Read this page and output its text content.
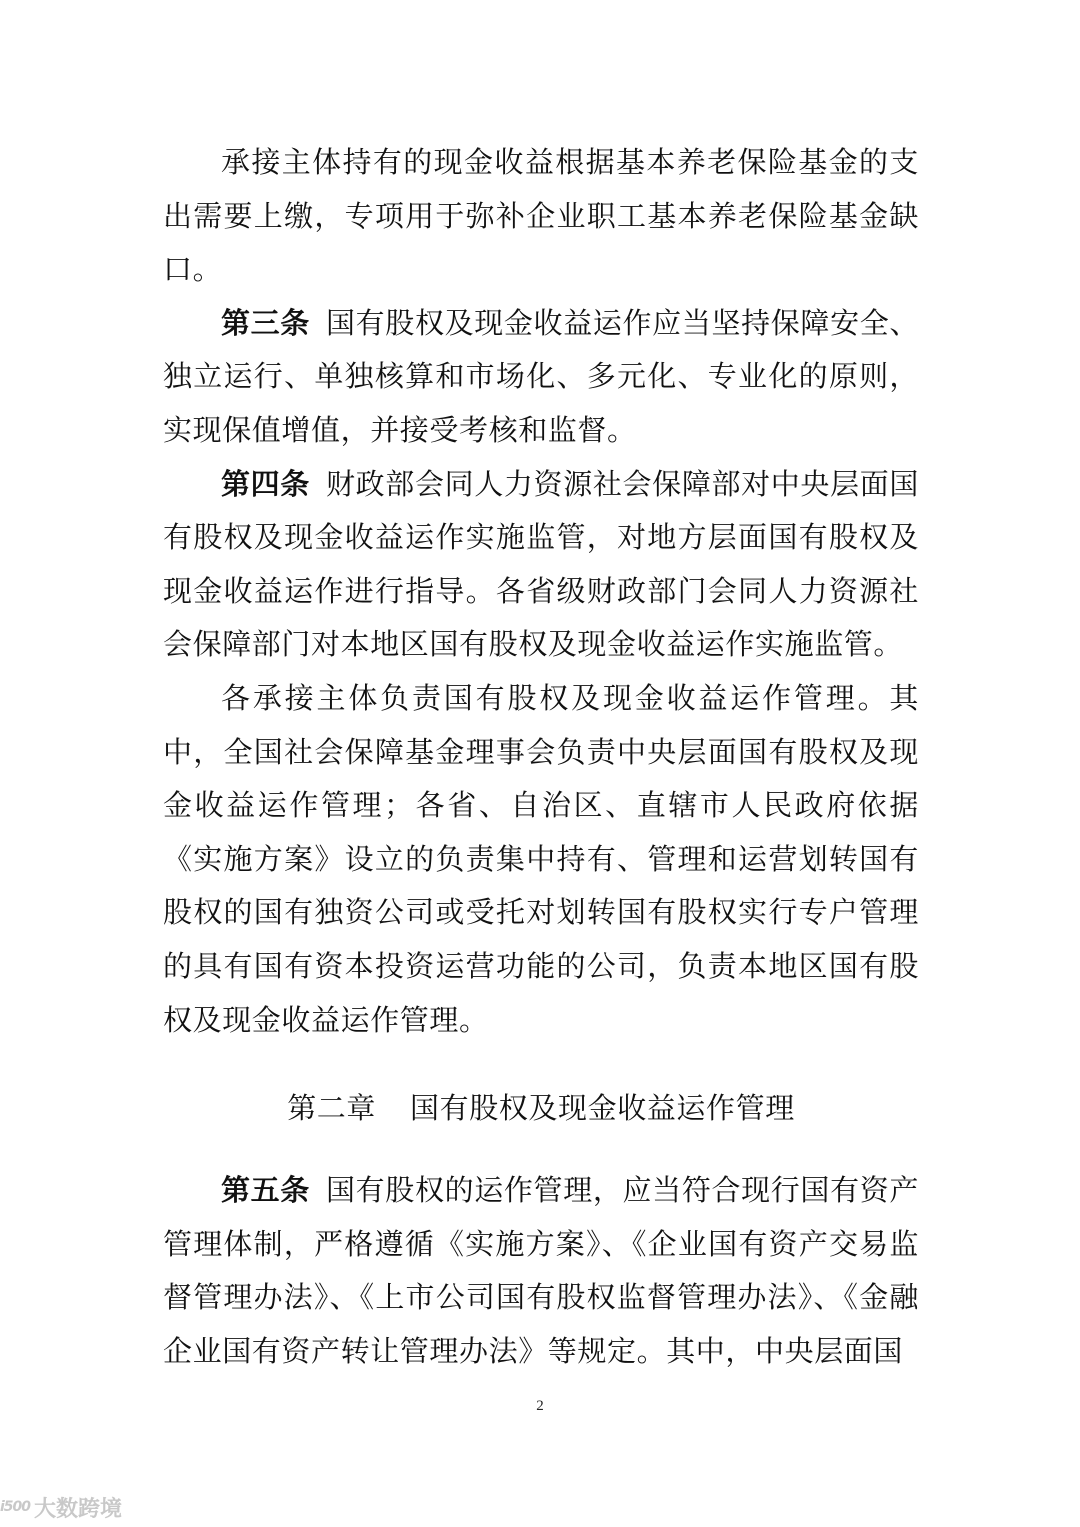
承接主体持有的现金收益根据基本养老保险基金的支出需要上缴，专项用于弥补企业职工基本养老保险基金缺口。

第三条 国有股权及现金收益运作应当坚持保障安全、独立运行、单独核算和市场化、多元化、专业化的原则，实现保值增值，并接受考核和监督。

第四条 财政部会同人力资源社会保障部对中央层面国有股权及现金收益运作实施监管，对地方层面国有股权及现金收益运作进行指导。各省级财政部门会同人力资源社会保障部门对本地区国有股权及现金收益运作实施监管。

各承接主体负责国有股权及现金收益运作管理。其中，全国社会保障基金理事会负责中央层面国有股权及现金收益运作管理；各省、自治区、直辖市人民政府依据《实施方案》设立的负责集中持有、管理和运营划转国有股权的国有独资公司或受托对划转国有股权实行专户管理的具有国有资本投资运营功能的公司，负责本地区国有股权及现金收益运作管理。

第二章 国有股权及现金收益运作管理

第五条 国有股权的运作管理，应当符合现行国有资产管理体制，严格遵循《实施方案》、《企业国有资产交易监督管理办法》、《上市公司国有股权监督管理办法》、《金融企业国有资产转让管理办法》等规定。其中，中央层面国

2
i500 大数跨境
